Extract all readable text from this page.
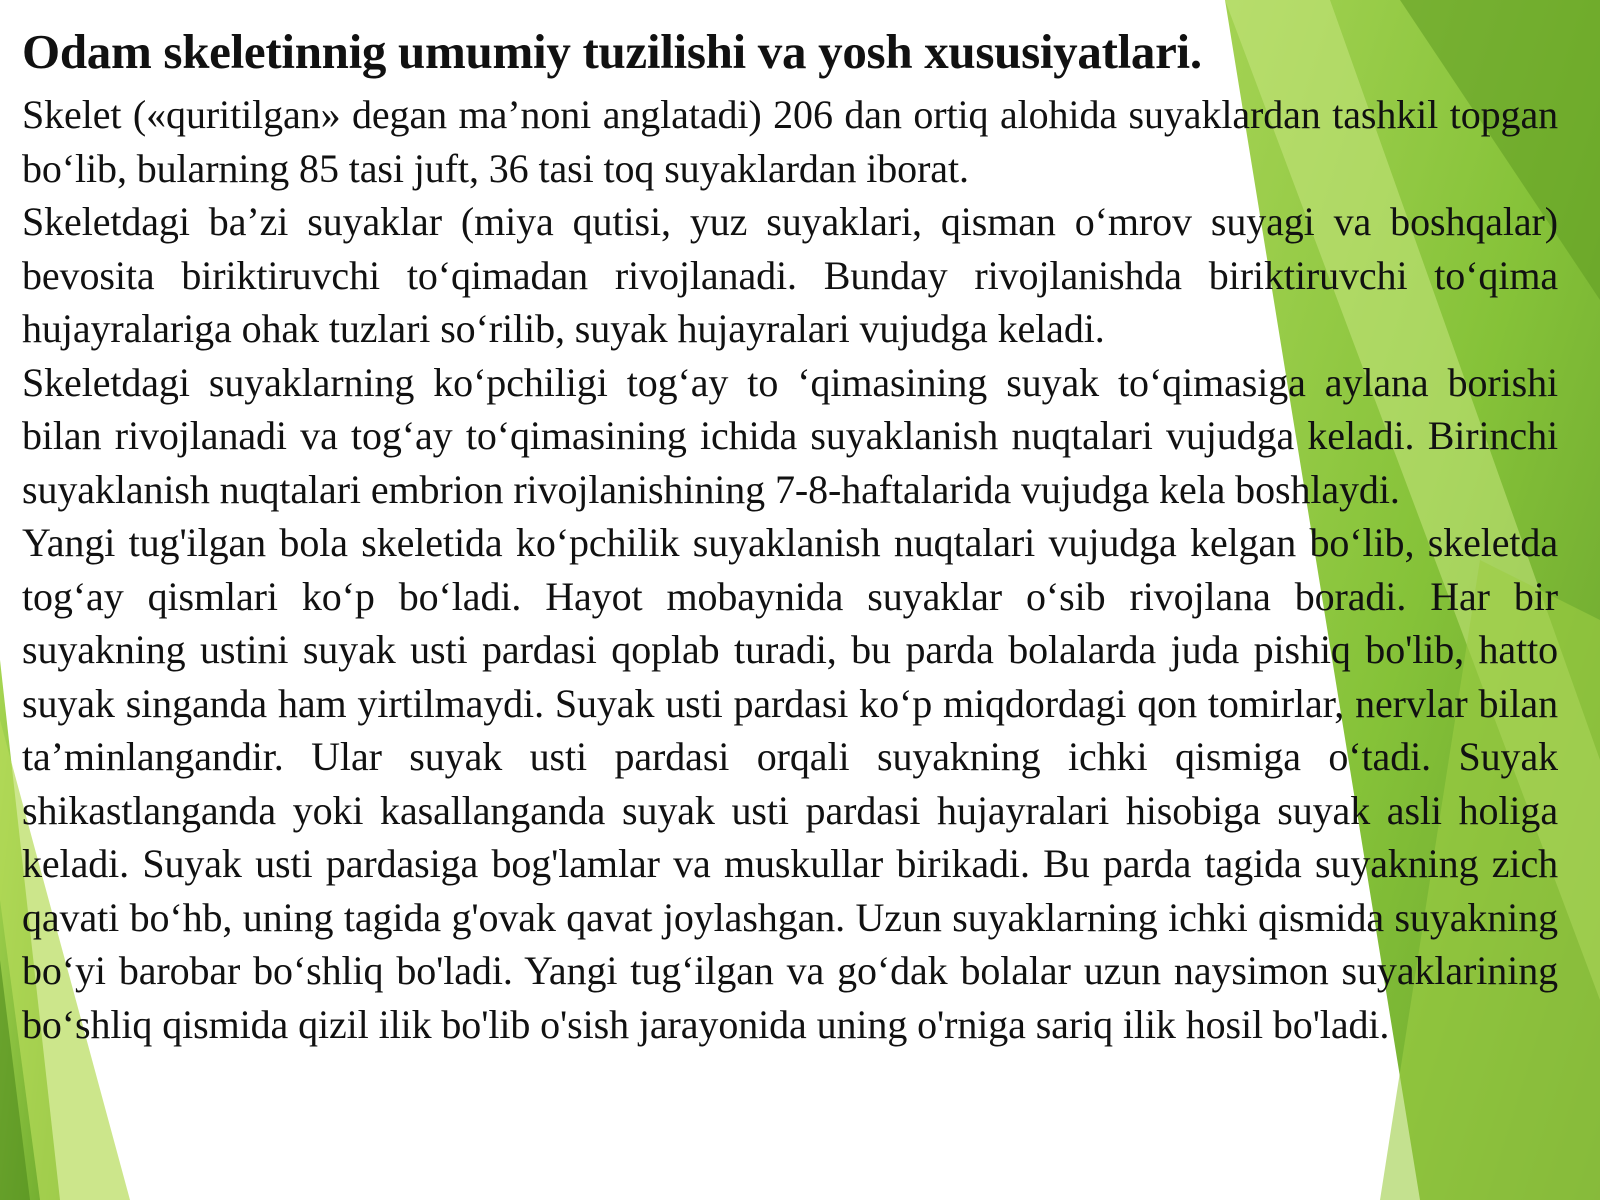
Odam skeletinnig umumiy tuzilishi va yosh xususiyatlari.

Skelet («quritilgan» degan ma’noni anglatadi) 206 dan ortiq alohida suyaklardan tashkil topgan bo‘lib, bularning 85 tasi juft, 36 tasi toq suyaklardan iborat.

Skeletdagi ba’zi suyaklar (miya qutisi, yuz suyaklari, qisman o‘mrov suyagi va boshqalar) bevosita biriktiruvchi to‘qimadan rivojlanadi. Bunday rivojlanishda biriktiruvchi to‘qima hujayralariga ohak tuzlari so‘rilib, suyak hujayralari vujudga keladi.

Skeletdagi suyaklarning ko‘pchiligi tog‘ay to ‘qimasining suyak to‘qimasiga aylana borishi bilan rivojlanadi va tog‘ay to‘qimasining ichida suyaklanish nuqtalari vujudga keladi. Birinchi suyaklanish nuqtalari embrion rivojlanishining 7-8-haftalarida vujudga kela boshlaydi.

Yangi tug'ilgan bola skeletida ko‘pchilik suyaklanish nuqtalari vujudga kelgan bo‘lib, skeletda tog‘ay qismlari ko‘p bo‘ladi. Hayot mobaynida suyaklar o‘sib rivojlana boradi. Har bir suyakning ustini suyak usti pardasi qoplab turadi, bu parda bolalarda juda pishiq bo'lib, hatto suyak singanda ham yirtilmaydi. Suyak usti pardasi ko‘p miqdordagi qon tomirlar, nervlar bilan ta’minlangandir. Ular suyak usti pardasi orqali suyakning ichki qismiga o‘tadi. Suyak shikastlanganda yoki kasallanganda suyak usti pardasi hujayralari hisobiga suyak asli holiga keladi. Suyak usti pardasiga bog'lamlar va muskullar birikadi. Bu parda tagida suyakning zich qavati bo‘hb, uning tagida g'ovak qavat joylashgan. Uzun suyaklarning ichki qismida suyakning bo‘yi barobar bo‘shliq bo'ladi. Yangi tug‘ilgan va go‘dak bolalar uzun naysimon suyaklarining bo‘shliq qismida qizil ilik bo'lib o'sish jarayonida uning o'rniga sariq ilik hosil bo'ladi.
